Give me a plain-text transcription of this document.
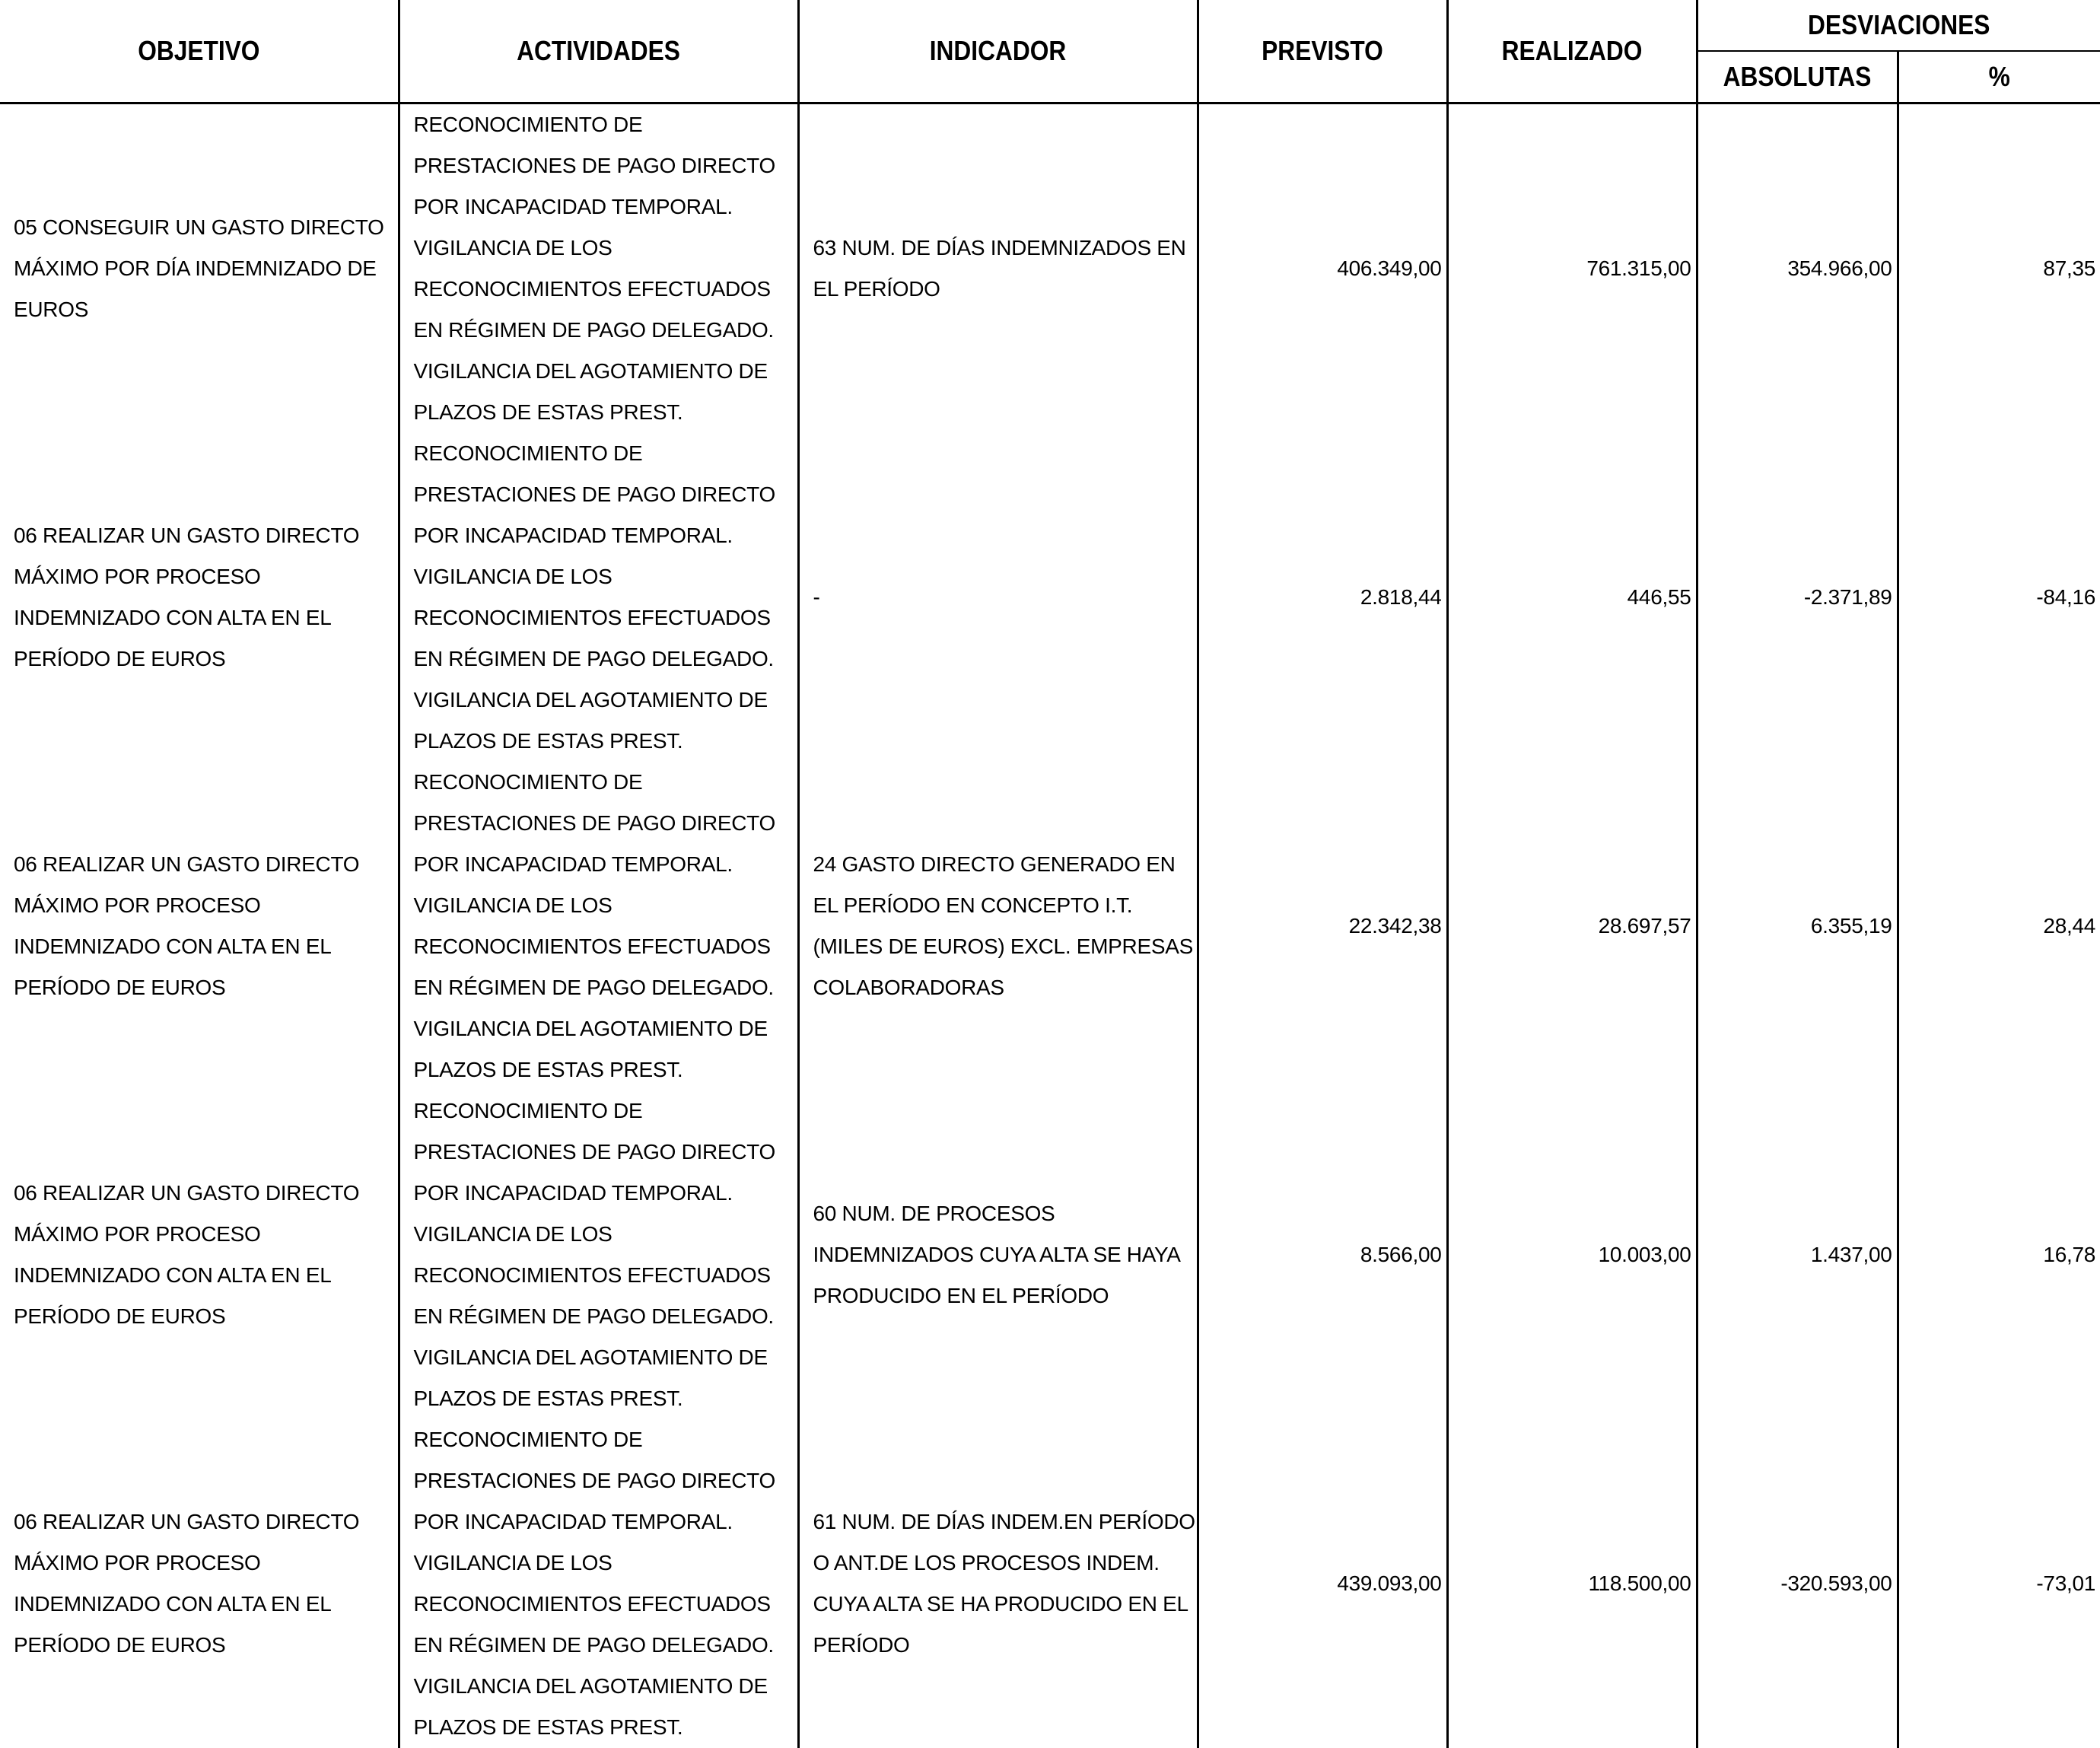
OBJETIVO	ACTIVIDADES	INDICADOR	PREVISTO	REALIZADO	DESVIACIONES	
					ABSOLUTAS	%
05 CONSEGUIR UN GASTO DIRECTO MÁXIMO POR DÍA INDEMNIZADO DE EUROS	RECONOCIMIENTO DE PRESTACIONES DE PAGO DIRECTO POR INCAPACIDAD TEMPORAL. VIGILANCIA DE LOS RECONOCIMIENTOS EFECTUADOS EN RÉGIMEN DE PAGO DELEGADO. VIGILANCIA DEL AGOTAMIENTO DE PLAZOS DE ESTAS PREST.	63 NUM. DE DÍAS INDEMNIZADOS EN EL PERÍODO	406.349,00	761.315,00	354.966,00	87,35
06 REALIZAR UN GASTO DIRECTO MÁXIMO POR PROCESO INDEMNIZADO CON ALTA EN EL PERÍODO DE EUROS	RECONOCIMIENTO DE PRESTACIONES DE PAGO DIRECTO POR INCAPACIDAD TEMPORAL. VIGILANCIA DE LOS RECONOCIMIENTOS EFECTUADOS EN RÉGIMEN DE PAGO DELEGADO. VIGILANCIA DEL AGOTAMIENTO DE PLAZOS DE ESTAS PREST.	-	2.818,44	446,55	-2.371,89	-84,16
06 REALIZAR UN GASTO DIRECTO MÁXIMO POR PROCESO INDEMNIZADO CON ALTA EN EL PERÍODO DE EUROS	RECONOCIMIENTO DE PRESTACIONES DE PAGO DIRECTO POR INCAPACIDAD TEMPORAL. VIGILANCIA DE LOS RECONOCIMIENTOS EFECTUADOS EN RÉGIMEN DE PAGO DELEGADO. VIGILANCIA DEL AGOTAMIENTO DE PLAZOS DE ESTAS PREST.	24 GASTO DIRECTO GENERADO EN EL PERÍODO EN CONCEPTO I.T.(MILES DE EUROS) EXCL. EMPRESAS COLABORADORAS	22.342,38	28.697,57	6.355,19	28,44
06 REALIZAR UN GASTO DIRECTO MÁXIMO POR PROCESO INDEMNIZADO CON ALTA EN EL PERÍODO DE EUROS	RECONOCIMIENTO DE PRESTACIONES DE PAGO DIRECTO POR INCAPACIDAD TEMPORAL. VIGILANCIA DE LOS RECONOCIMIENTOS EFECTUADOS EN RÉGIMEN DE PAGO DELEGADO. VIGILANCIA DEL AGOTAMIENTO DE PLAZOS DE ESTAS PREST.	60 NUM. DE PROCESOS INDEMNIZADOS CUYA ALTA SE HAYA PRODUCIDO EN EL PERÍODO	8.566,00	10.003,00	1.437,00	16,78
06 REALIZAR UN GASTO DIRECTO MÁXIMO POR PROCESO INDEMNIZADO CON ALTA EN EL PERÍODO DE EUROS	RECONOCIMIENTO DE PRESTACIONES DE PAGO DIRECTO POR INCAPACIDAD TEMPORAL. VIGILANCIA DE LOS RECONOCIMIENTOS EFECTUADOS EN RÉGIMEN DE PAGO DELEGADO. VIGILANCIA DEL AGOTAMIENTO DE PLAZOS DE ESTAS PREST.	61 NUM. DE DÍAS INDEM.EN PERÍODO O ANT.DE LOS PROCESOS INDEM. CUYA ALTA SE HA PRODUCIDO EN EL PERÍODO	439.093,00	118.500,00	-320.593,00	-73,01
